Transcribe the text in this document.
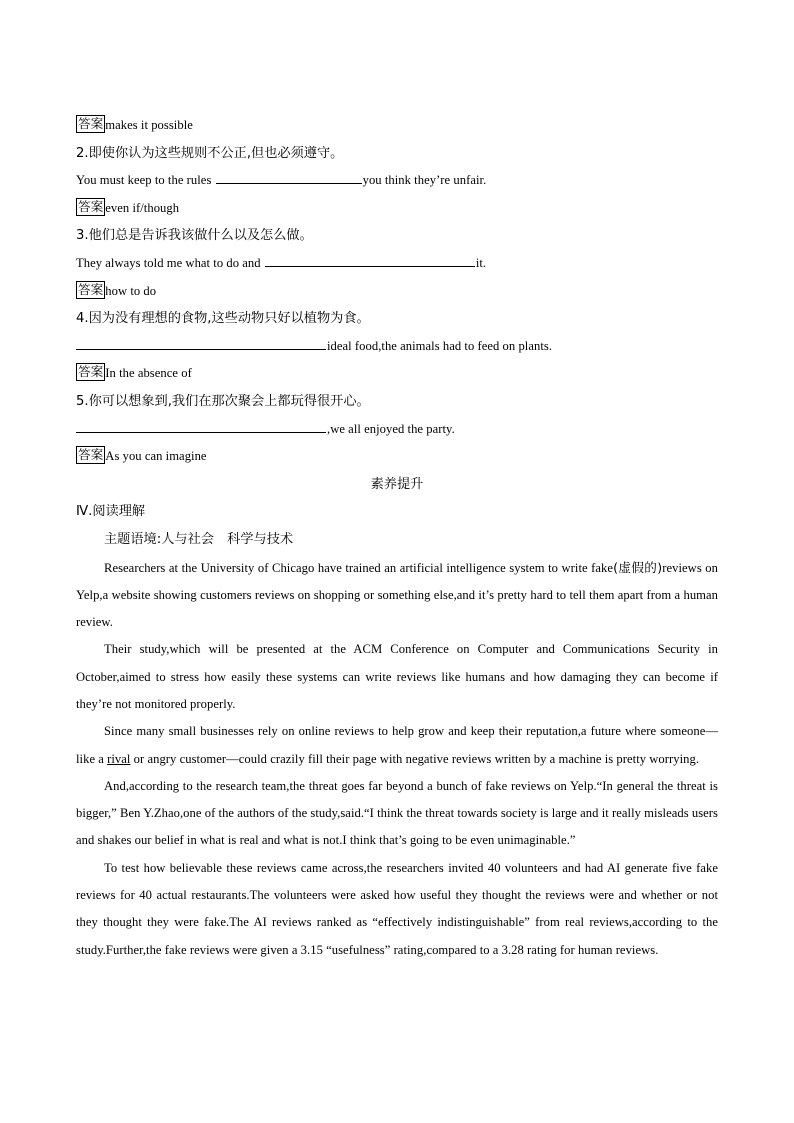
答案 makes it possible
2.即使你认为这些规则不公正,但也必须遵守。
You must keep to the rules	you think they’re unfair.
答案 even if/though
3.他们总是告诉我该做什么以及怎么做。
They always told me what to do and	it.
答案 how to do
4.因为没有理想的食物,这些动物只好以植物为食。
ideal food,the animals had to feed on plants.
答案 In the absence of
5.你可以想象到,我们在那次聚会上都玩得很开心。
,we all enjoyed the party.
答案 As you can imagine
素养提升
Ⅳ.阅读理解
主题语境:人与社会　科学与技术

Researchers at the University of Chicago have trained an artificial intelligence system to write fake(虚假的)reviews on Yelp,a website showing customers reviews on shopping or something else,and it’s pretty hard to tell them apart from a human review.

Their study,which will be presented at the ACM Conference on Computer and Communications Security in October,aimed to stress how easily these systems can write reviews like humans and how damaging they can become if they’re not monitored properly.

Since many small businesses rely on online reviews to help grow and keep their reputation,a future where someone—like a rival or angry customer—could crazily fill their page with negative reviews written by a machine is pretty worrying.

And,according to the research team,the threat goes far beyond a bunch of fake reviews on Yelp.“In general the threat is bigger,” Ben Y.Zhao,one of the authors of the study,said.“I think the threat towards society is large and it really misleads users and shakes our belief in what is real and what is not.I think that’s going to be even unimaginable.”

To test how believable these reviews came across,the researchers invited 40 volunteers and had AI generate five fake reviews for 40 actual restaurants.The volunteers were asked how useful they thought the reviews were and whether or not they thought they were fake.The AI reviews ranked as “effectively indistinguishable” from real reviews,according to the study.Further,the fake reviews were given a 3.15 “usefulness” rating,compared to a 3.28 rating for human reviews.
